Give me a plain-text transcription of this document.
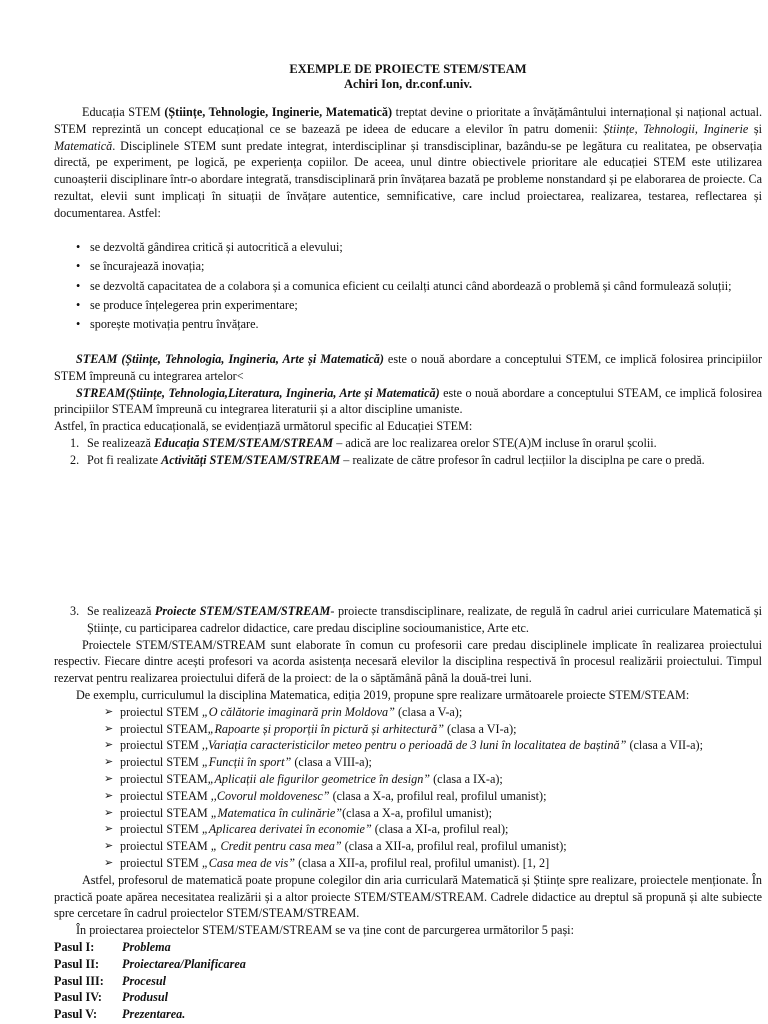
EXEMPLE DE PROIECTE STEM/STEAM
Achiri Ion, dr.conf.univ.

Educația STEM (Științe, Tehnologie, Inginerie, Matematică) treptat devine o prioritate a învățământului internațional și național actual. STEM reprezintă un concept educațional ce se bazează pe ideea de educare a elevilor în patru domenii: Științe, Tehnologii, Inginerie și Matematică. Disciplinele STEM sunt predate integrat, interdisciplinar și transdisciplinar, bazându-se pe legătura cu realitatea, pe observația directă, pe experiment, pe logică, pe experiența copiilor. De aceea, unul dintre obiectivele prioritare ale educației STEM este utilizarea cunoașterii disciplinare într-o abordare integrată, transdisciplinară prin învățarea bazată pe probleme nonstandard și pe elaborarea de proiecte. Ca rezultat, elevii sunt implicați în situații de învățare autentice, semnificative, care includ proiectarea, realizarea, testarea, reflectarea și documentarea. Astfel:

• se dezvoltă gândirea critică și autocritică a elevului;
• se încurajează inovația;
• se dezvoltă capacitatea de a colabora și a comunica eficient cu ceilalți atunci când abordează o problemă și când formulează soluții;
• se produce înțelegerea prin experimentare;
• sporește motivația pentru învățare.

STEAM (Științe, Tehnologia, Ingineria, Arte și Matematică) este o nouă abordare a conceptului STEM, ce implică folosirea principiilor STEM împreună cu integrarea artelor<

STREAM(Științe, Tehnologia,Literatura, Ingineria, Arte și Matematică) este o nouă abordare a conceptului STEAM, ce implică folosirea principiilor STEAM împreună cu integrarea literaturii și a altor discipline umaniste.

Astfel, în practica educațională, se evidențiază următorul specific al Educației STEM:

1. Se realizează Educația STEM/STEAM/STREAM – adică are loc realizarea orelor STE(A)M incluse în orarul școlii.
2. Pot fi realizate Activități STEM/STEAM/STREAM – realizate de către profesor în cadrul lecțiilor la disciplna pe care o predă.
3. Se realizează Proiecte STEM/STEAM/STREAM- proiecte transdisciplinare, realizate, de regulă în cadrul ariei curriculare Matematică și Științe, cu participarea cadrelor didactice, care predau discipline socioumanistice, Arte etc.

Proiectele STEM/STEAM/STREAM sunt elaborate în comun cu profesorii care predau disciplinele implicate în realizarea proiectului respectiv. Fiecare dintre acești profesori va acorda asistența necesară elevilor la disciplina respectivă în procesul realizării proiectului. Timpul rezervat pentru realizarea proiectului diferă de la proiect: de la o săptămână până la două-trei luni.

De exemplu, curriculumul la disciplina Matematica, ediția 2019, propune spre realizare următoarele proiecte STEM/STEAM:

➢ proiectul STEM „O călătorie imaginară prin Moldova” (clasa a V-a);
➢ proiectul STEAM„Rapoarte și proporții în pictură și arhitectură” (clasa a VI-a);
➢ proiectul STEM ,,Variația caracteristicilor meteo pentru o perioadă de 3 luni în localitatea de baștină” (clasa a VII-a);
➢ proiectul STEM „Funcții în sport” (clasa a VIII-a);
➢ proiectul STEAM„Aplicații ale figurilor geometrice în design” (clasa a IX-a);
➢ proiectul STEAM ,,Covorul moldovenesc” (clasa a X-a, profilul real, profilul umanist);
➢ proiectul STEAM „Matematica în culinărie”(clasa a X-a, profilul umanist);
➢ proiectul STEM „Aplicarea derivatei în economie” (clasa a XI-a, profilul real);
➢ proiectul STEAM „ Credit pentru casa mea” (clasa a XII-a, profilul real, profilul umanist);
➢ proiectul STEM „Casa mea de vis” (clasa a XII-a, profilul real, profilul umanist). [1, 2]

Astfel, profesorul de matematică poate propune colegilor din aria curriculară Matematică și Științe spre realizare, proiectele menționate. În practică poate apărea necesitatea realizării și a altor proiecte STEM/STEAM/STREAM. Cadrele didactice au dreptul să propună și alte subiecte spre cercetare în cadrul proiectelor STEM/STEAM/STREAM.

În proiectarea proiectelor STEM/STEAM/STREAM se va ține cont de parcurgerea următorilor 5 pași:

Pasul I:	Problema
Pasul II:	Proiectarea/Planificarea
Pasul III:	Procesul
Pasul IV:	Produsul
Pasul V:	Prezentarea.
